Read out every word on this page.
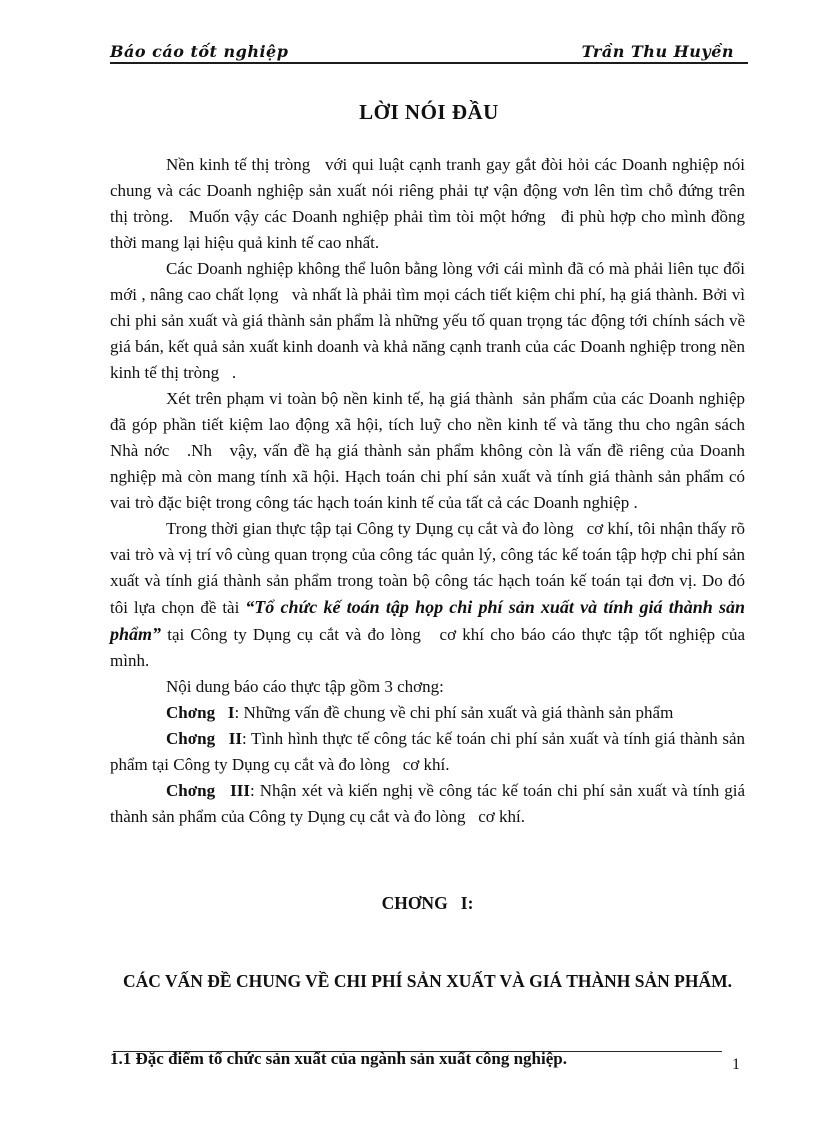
Báo cáo tốt nghiệp	Trần Thu Huyền
LỜI NÓI ĐẦU

Nền kinh tế thị tròng   với qui luật cạnh tranh gay gắt đòi hỏi các Doanh nghiệp nói chung và các Doanh nghiệp sản xuất nói riêng phải tự vận động vơn lên tìm chỗ đứng trên thị tròng.   Muốn vậy các Doanh nghiệp phải tìm tòi một hớng   đi phù hợp cho mình đồng thời mang lại hiệu quả kinh tế cao nhất.

Các Doanh nghiệp không thể luôn bằng lòng với cái mình đã có mà phải liên tục đổi mới , nâng cao chất lọng   và nhất là phải tìm mọi cách tiết kiệm chi phí, hạ giá thành. Bởi vì chi phi sản xuất và giá thành sản phẩm là những yếu tố quan trọng tác động tới chính sách về giá bán, kết quả sản xuất kinh doanh và khả năng cạnh tranh của các Doanh nghiệp trong nền kinh tế thị tròng   .

Xét trên phạm vi toàn bộ nền kinh tế, hạ giá thành  sản phẩm của các Doanh nghiệp đã góp phần tiết kiệm lao động xã hội, tích luỹ cho nền kinh tế và tăng thu cho ngân sách Nhà nớc   .Nh   vậy, vấn đề hạ giá thành sản phẩm không còn là vấn đề riêng của Doanh nghiệp mà còn mang tính xã hội. Hạch toán chi phí sản xuất và tính giá thành sản phẩm có vai trò đặc biệt trong công tác hạch toán kinh tế của tất cả các Doanh nghiệp .

Trong thời gian thực tập tại Công ty Dụng cụ cắt và đo lòng   cơ khí, tôi nhận thấy rõ vai trò và vị trí vô cùng quan trọng của công tác quản lý, công tác kế toán tập hợp chi phí sản xuất và tính giá thành sản phẩm trong toàn bộ công tác hạch toán kế toán tại đơn vị. Do đó tôi lựa chọn đề tài “Tổ chức kế toán tập họp chi phí sản xuất và tính giá thành sản phẩm” tại Công ty Dụng cụ cắt và đo lòng   cơ khí cho báo cáo thực tập tốt nghiệp của mình.

Nội dung báo cáo thực tập gồm 3 chơng:

Chơng   I: Những vấn đề chung về chi phí sản xuất và giá thành sản phẩm
Chơng   II: Tình hình thực tế công tác kế toán chi phí sản xuất và tính giá thành sản phẩm tại Công ty Dụng cụ cắt và đo lòng   cơ khí.
Chơng   III: Nhận xét và kiến nghị về công tác kế toán chi phí sản xuất và tính giá thành sản phẩm của Công ty Dụng cụ cắt và đo lòng   cơ khí.

CHƠNG   I:

CÁC VẤN ĐỀ CHUNG VỀ CHI PHÍ SẢN XUẤT VÀ GIÁ THÀNH SẢN PHẨM.

1.1 Đặc điểm tổ chức sản xuất của ngành sản xuất công nghiệp.	1
